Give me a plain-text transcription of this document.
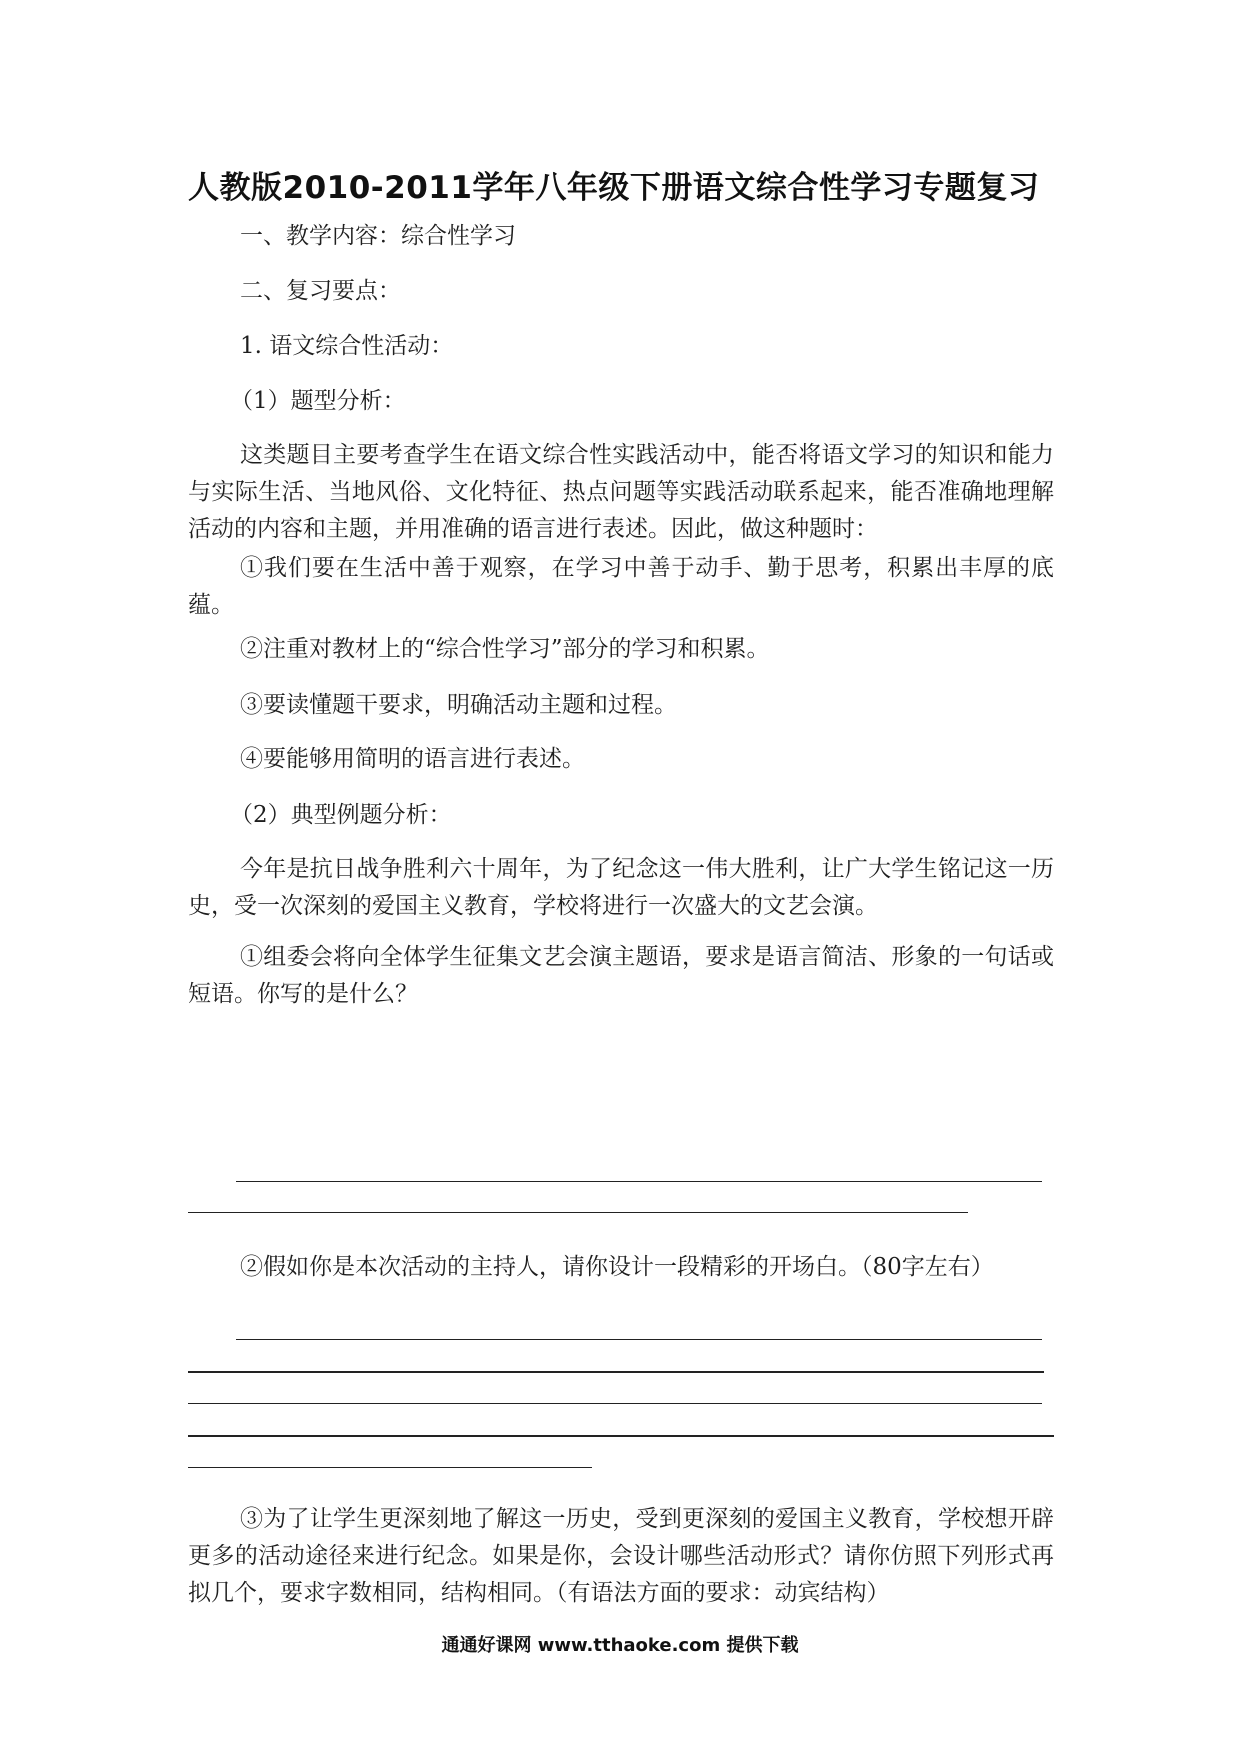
人教版2010-2011学年八年级下册语文综合性学习专题复习
一、教学内容：综合性学习
二、复习要点：
1. 语文综合性活动：
（1）题型分析：
这类题目主要考查学生在语文综合性实践活动中，能否将语文学习的知识和能力与实际生活、当地风俗、文化特征、热点问题等实践活动联系起来，能否准确地理解活动的内容和主题，并用准确的语言进行表述。因此，做这种题时：
①我们要在生活中善于观察，在学习中善于动手、勤于思考，积累出丰厚的底蕴。
②注重对教材上的“综合性学习”部分的学习和积累。
③要读懂题干要求，明确活动主题和过程。
④要能够用简明的语言进行表述。
（2）典型例题分析：
今年是抗日战争胜利六十周年，为了纪念这一伟大胜利，让广大学生铭记这一历史，受一次深刻的爱国主义教育，学校将进行一次盛大的文艺会演。
①组委会将向全体学生征集文艺会演主题语，要求是语言简洁、形象的一句话或短语。你写的是什么？
②假如你是本次活动的主持人，请你设计一段精彩的开场白。（80字左右）
③为了让学生更深刻地了解这一历史，受到更深刻的爱国主义教育，学校想开辟更多的活动途径来进行纪念。如果是你，会设计哪些活动形式？请你仿照下列形式再拟几个，要求字数相同，结构相同。（有语法方面的要求：动宾结构）
通通好课网 www.tthaoke.com 提供下载
